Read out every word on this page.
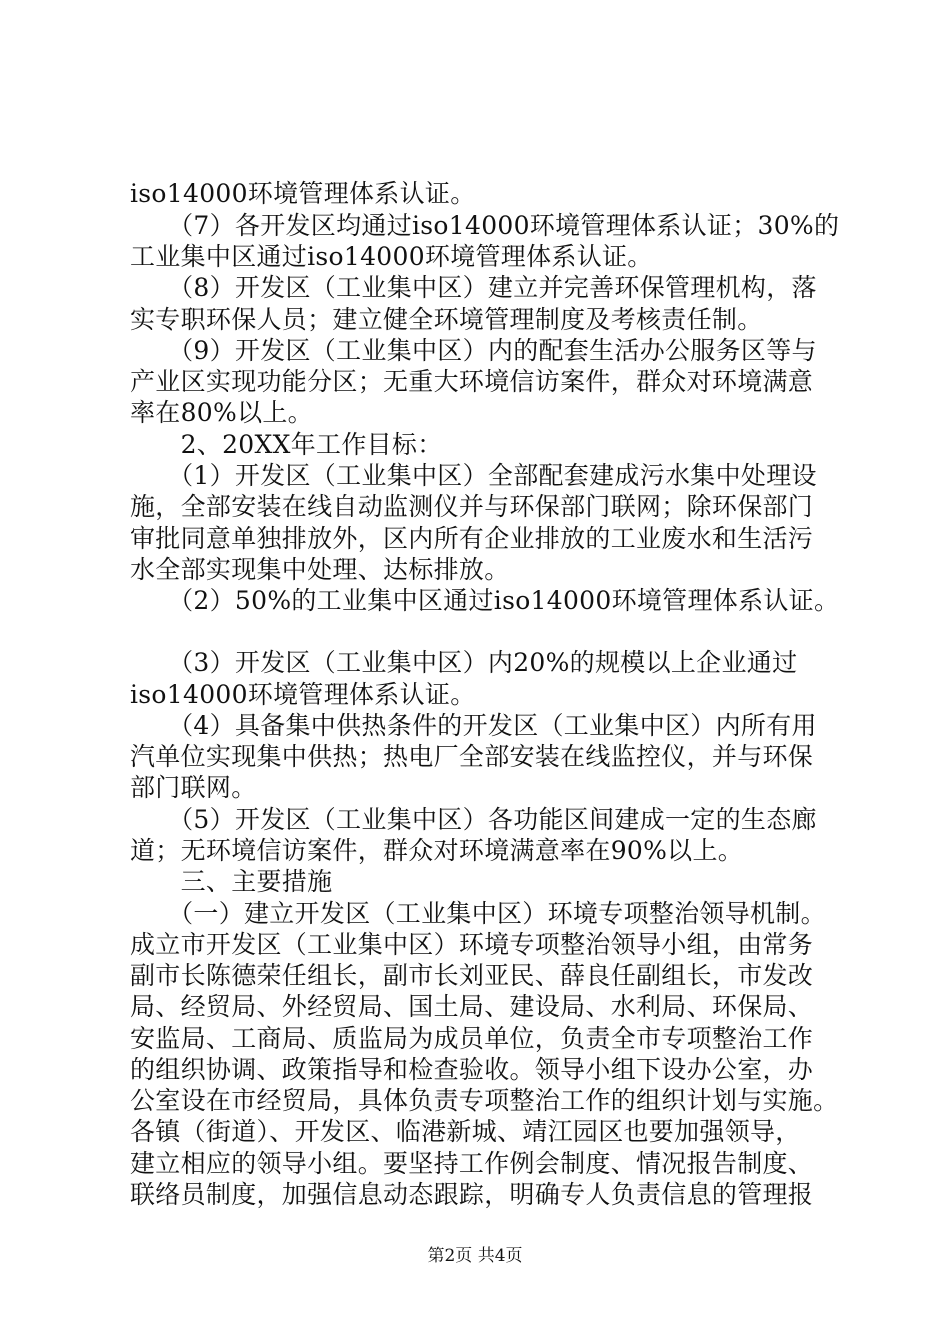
iso14000环境管理体系认证。
　　（7）各开发区均通过iso14000环境管理体系认证；30%的
工业集中区通过iso14000环境管理体系认证。
　　（8）开发区（工业集中区）建立并完善环保管理机构，落
实专职环保人员；建立健全环境管理制度及考核责任制。
　　（9）开发区（工业集中区）内的配套生活办公服务区等与
产业区实现功能分区；无重大环境信访案件，群众对环境满意
率在80%以上。
　　2、20XX年工作目标：
　　（1）开发区（工业集中区）全部配套建成污水集中处理设
施，全部安装在线自动监测仪并与环保部门联网；除环保部门
审批同意单独排放外，区内所有企业排放的工业废水和生活污
水全部实现集中处理、达标排放。
　　（2）50%的工业集中区通过iso14000环境管理体系认证。
　　（3）开发区（工业集中区）内20%的规模以上企业通过
iso14000环境管理体系认证。
　　（4）具备集中供热条件的开发区（工业集中区）内所有用
汽单位实现集中供热；热电厂全部安装在线监控仪，并与环保
部门联网。
　　（5）开发区（工业集中区）各功能区间建成一定的生态廊
道；无环境信访案件，群众对环境满意率在90%以上。
　　三、主要措施
　　（一）建立开发区（工业集中区）环境专项整治领导机制。
成立市开发区（工业集中区）环境专项整治领导小组，由常务
副市长陈德荣任组长，副市长刘亚民、薛良任副组长，市发改
局、经贸局、外经贸局、国土局、建设局、水利局、环保局、
安监局、工商局、质监局为成员单位，负责全市专项整治工作
的组织协调、政策指导和检查验收。领导小组下设办公室，办
公室设在市经贸局，具体负责专项整治工作的组织计划与实施。
各镇（街道）、开发区、临港新城、靖江园区也要加强领导，
建立相应的领导小组。要坚持工作例会制度、情况报告制度、
联络员制度，加强信息动态跟踪，明确专人负责信息的管理报
第2页 共4页
